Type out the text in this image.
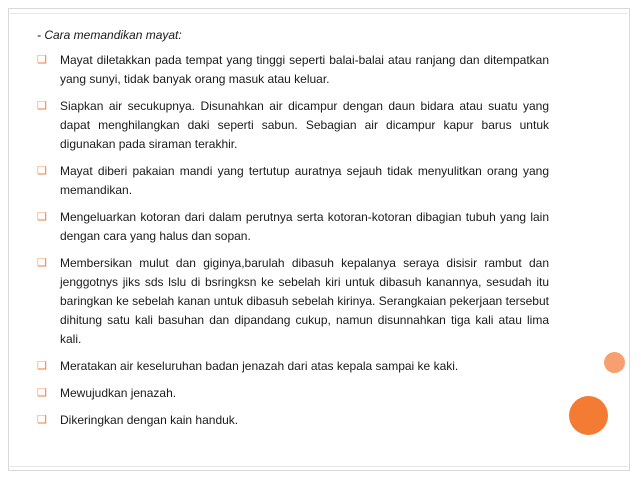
- Cara memandikan mayat:
❑ Mayat diletakkan pada tempat yang tinggi seperti balai-balai atau ranjang dan ditempatkan yang sunyi, tidak banyak orang masuk atau keluar.
❑ Siapkan air secukupnya. Disunahkan air dicampur dengan daun bidara atau suatu yang dapat menghilangkan daki seperti sabun. Sebagian air dicampur kapur barus untuk digunakan pada siraman terakhir.
❑ Mayat diberi pakaian mandi yang tertutup auratnya sejauh tidak menyulitkan orang yang memandikan.
❑ Mengeluarkan kotoran dari dalam perutnya serta kotoran-kotoran dibagian tubuh yang lain dengan cara yang halus dan sopan.
❑ Membersikan mulut dan giginya,barulah dibasuh kepalanya seraya disisir rambut dan jenggotnys jiks sds lslu di bsringksn ke sebelah kiri untuk dibasuh kanannya, sesudah itu baringkan ke sebelah kanan untuk dibasuh sebelah kirinya. Serangkaian pekerjaan tersebut dihitung satu kali basuhan dan dipandang cukup, namun disunnahkan tiga kali atau lima kali.
❑ Meratakan air keseluruhan badan jenazah dari atas kepala sampai ke kaki.
❑ Mewujudkan jenazah.
❑ Dikeringkan dengan kain handuk.
